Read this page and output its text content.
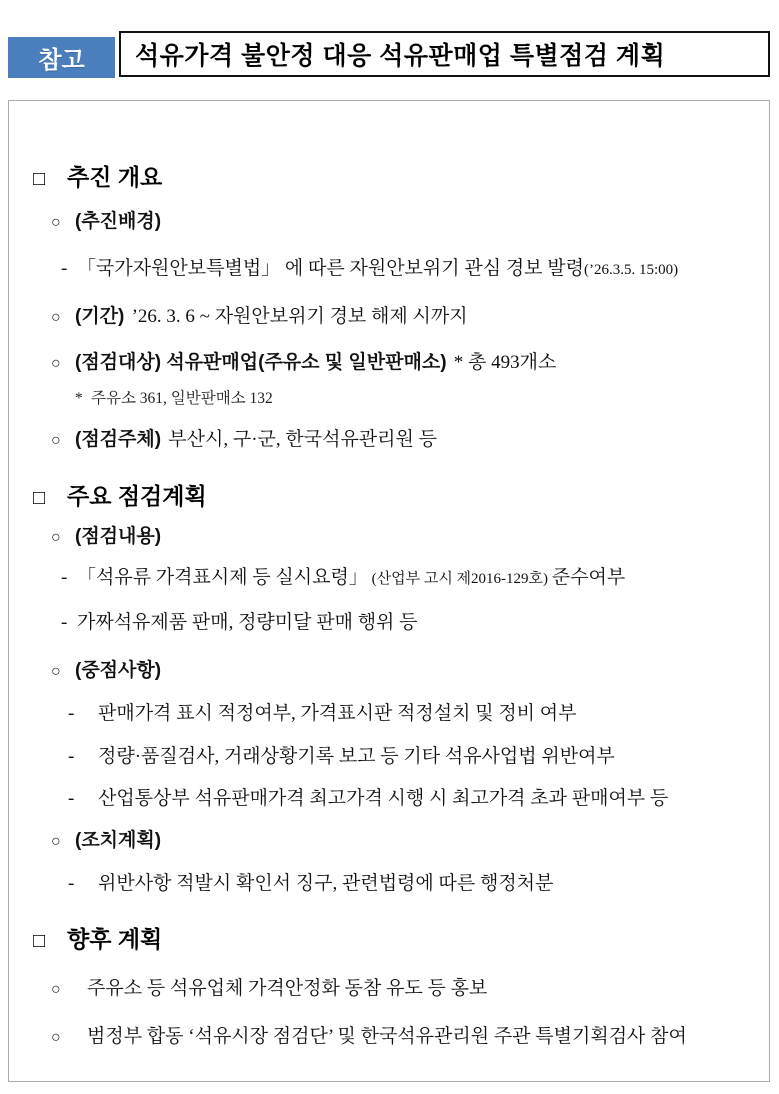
참고 석유가격 불안정 대응 석유판매업 특별점검 계획
□ 추진 개요
○ (추진배경)
- 「국가자원안보특별법」 에 따른 자원안보위기 관심 경보 발령(’26.3.5. 15:00)
○ (기간) ’26. 3. 6 ~ 자원안보위기 경보 해제 시까지
○ (점검대상) 석유판매업(주유소 및 일반판매소) * 총 493개소
* 주유소 361, 일반판매소 132
○ (점검주체) 부산시, 구·군, 한국석유관리원 등
□ 주요 점검계획
○ (점검내용)
- 「석유류 가격표시제 등 실시요령」 (산업부 고시 제2016-129호) 준수여부
- 가짜석유제품 판매, 정량미달 판매 행위 등
○ (중점사항)
-	판매가격 표시 적정여부, 가격표시판 적정설치 및 정비 여부
-	정량·품질검사, 거래상황기록 보고 등 기타 석유사업법 위반여부
-	산업통상부 석유판매가격 최고가격 시행 시 최고가격 초과 판매여부 등
○ (조치계획)
-	위반사항 적발시 확인서 징구, 관련법령에 따른 행정처분
□ 향후 계획
○	주유소 등 석유업체 가격안정화 동참 유도 등 홍보
○	범정부 합동 ‘석유시장 점검단’ 및 한국석유관리원 주관 특별기획검사 참여
